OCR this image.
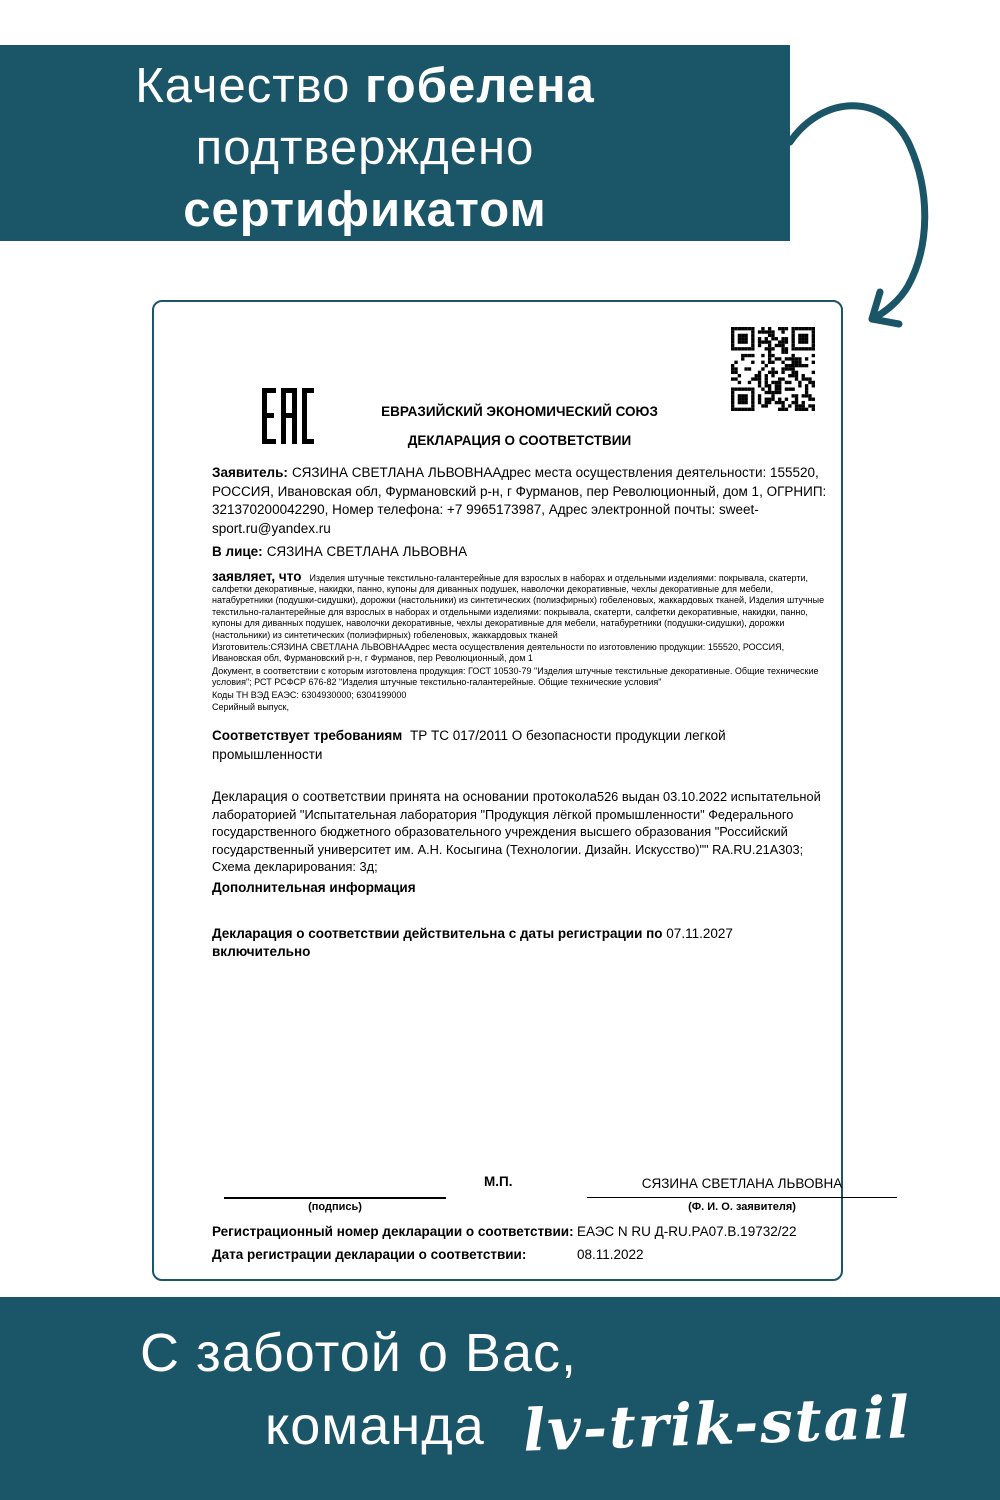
Качество гобелена
подтверждено
сертификатом
ЕВРАЗИЙСКИЙ ЭКОНОМИЧЕСКИЙ СОЮЗ
ДЕКЛАРАЦИЯ О СООТВЕТСТВИИ

Заявитель: СЯЗИНА СВЕТЛАНА ЛЬВОВНААдрес места осуществления деятельности: 155520, РОССИЯ, Ивановская обл, Фурмановский р-н, г Фурманов, пер Революционный, дом 1, ОГРНИП: 321370200042290, Номер телефона: +7 9965173987, Адрес электронной почты: sweet-sport.ru@yandex.ru

В лице: СЯЗИНА СВЕТЛАНА ЛЬВОВНА

заявляет, что Изделия штучные текстильно-галантерейные для взрослых в наборах и отдельными изделиями: покрывала, скатерти, салфетки декоративные, накидки, панно, купоны для диванных подушек, наволочки декоративные, чехлы декоративные для мебели, натабуретники (подушки-сидушки), дорожки (настольники) из синтетических (полиэфирных) гобеленовых, жаккардовых тканей, Изделия штучные текстильно-галантерейные для взрослых в наборах и отдельными изделиями: покрывала, скатерти, салфетки декоративные, накидки, панно, купоны для диванных подушек, наволочки декоративные, чехлы декоративные для мебели, натабуретники (подушки-сидушки), дорожки (настольники) из синтетических (полиэфирных) гобеленовых, жаккардовых тканей

Изготовитель:СЯЗИНА СВЕТЛАНА ЛЬВОВНААдрес места осуществления деятельности по изготовлению продукции: 155520, РОССИЯ, Ивановская обл, Фурмановский р-н, г Фурманов, пер Революционный, дом 1

Документ, в соответствии с которым изготовлена продукция: ГОСТ 10530-79 "Изделия штучные текстильные декоративные. Общие технические условия"; РСТ РСФСР 676-82 "Изделия штучные текстильно-галантерейные. Общие технические условия"

Коды ТН ВЭД ЕАЭС: 6304930000; 6304199000

Серийный выпуск,

Соответствует требованиям ТР ТС 017/2011 О безопасности продукции легкой промышленности

Декларация о соответствии принята на основании протокола526 выдан 03.10.2022 испытательной лабораторией "Испытательная лаборатория "Продукция лёгкой промышленности" Федерального государственного бюджетного образовательного учреждения высшего образования "Российский государственный университет им. А.Н. Косыгина (Технологии. Дизайн. Искусство)"" RA.RU.21A303; Схема декларирования: 3д;

Дополнительная информация

Декларация о соответствии действительна с даты регистрации по 07.11.2027 включительно

М.П.	СЯЗИНА СВЕТЛАНА ЛЬВОВНА
(подпись)	(Ф. И. О. заявителя)
Регистрационный номер декларации о соответствии: ЕАЭС N RU Д-RU.РА07.В.19732/22
Дата регистрации декларации о соответствии:	08.11.2022
С заботой о Вас,
команда lv-trik-stail
